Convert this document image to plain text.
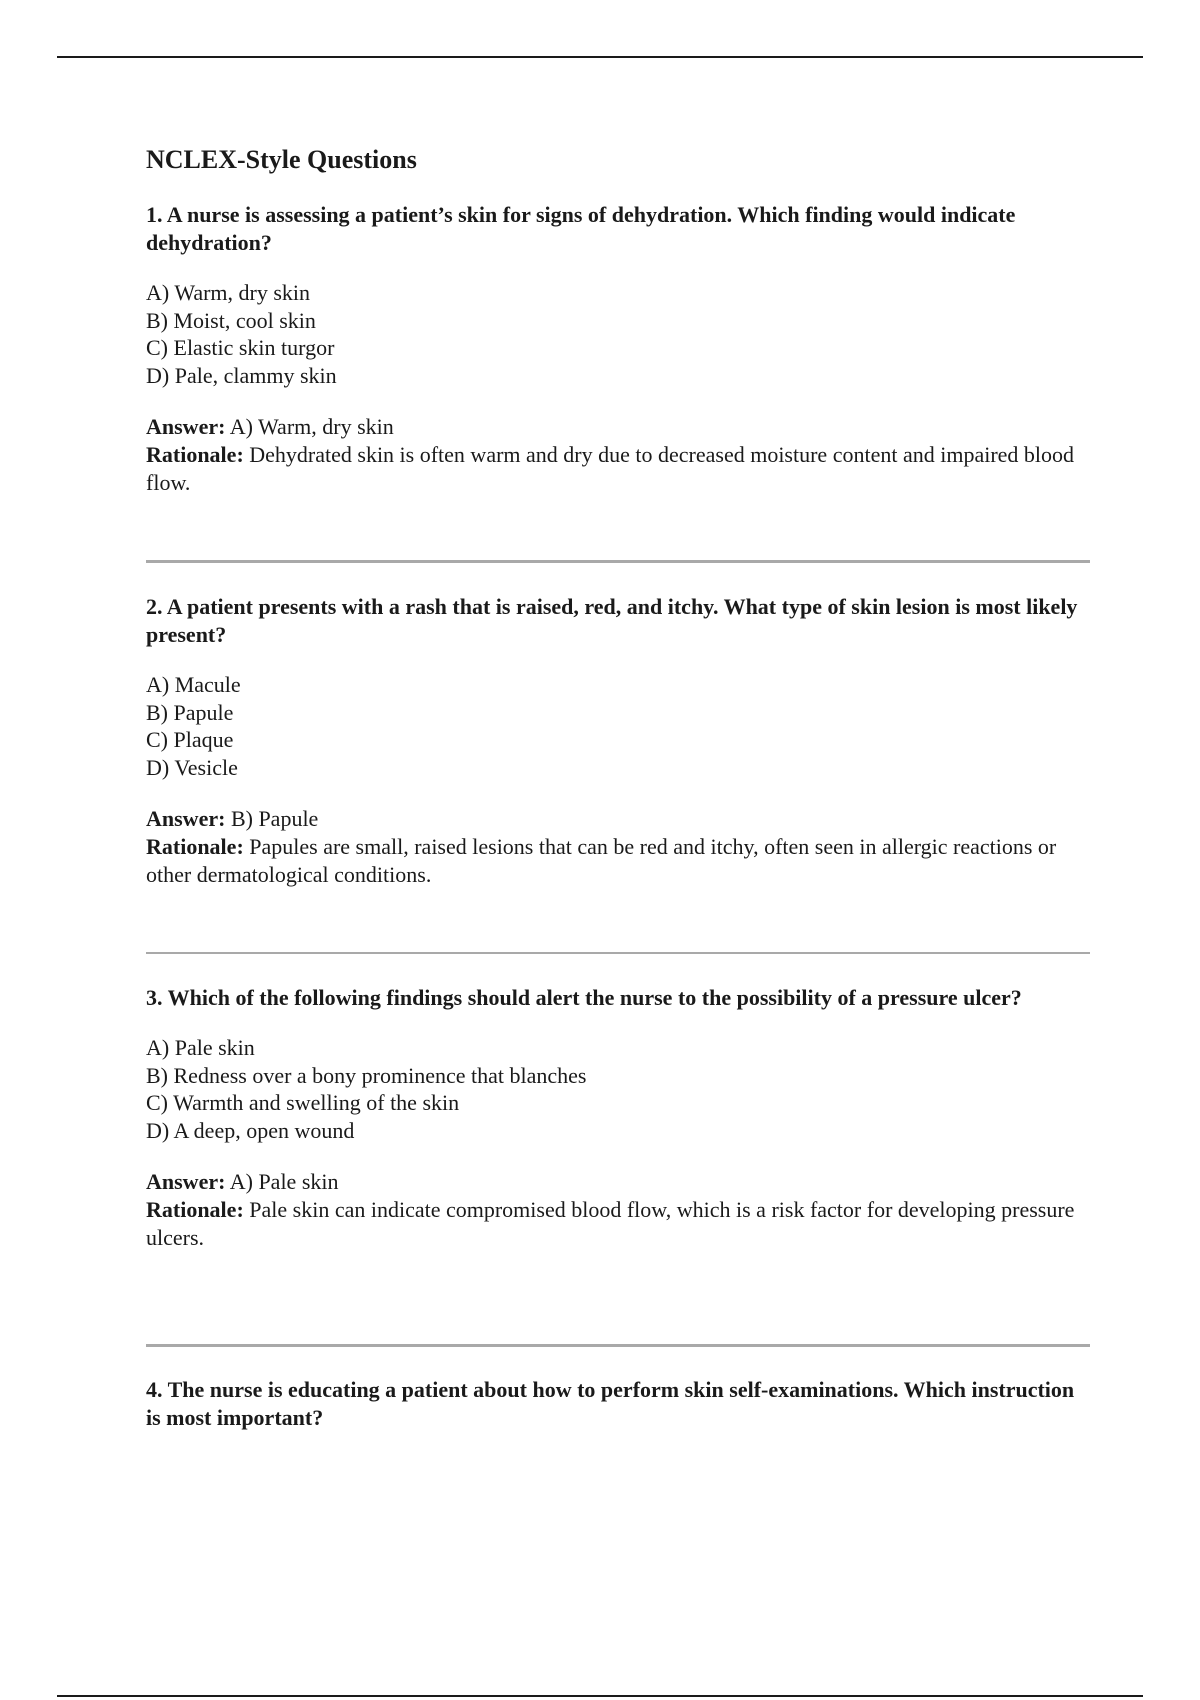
NCLEX-Style Questions

1. A nurse is assessing a patient’s skin for signs of dehydration. Which finding would indicate dehydration?

A) Warm, dry skin
B) Moist, cool skin
C) Elastic skin turgor
D) Pale, clammy skin

Answer: A) Warm, dry skin

Rationale: Dehydrated skin is often warm and dry due to decreased moisture content and impaired blood flow.

2. A patient presents with a rash that is raised, red, and itchy. What type of skin lesion is most likely present?

A) Macule
B) Papule
C) Plaque
D) Vesicle

Answer: B) Papule

Rationale: Papules are small, raised lesions that can be red and itchy, often seen in allergic reactions or other dermatological conditions.

3. Which of the following findings should alert the nurse to the possibility of a pressure ulcer?

A) Pale skin
B) Redness over a bony prominence that blanches
C) Warmth and swelling of the skin
D) A deep, open wound

Answer: A) Pale skin

Rationale: Pale skin can indicate compromised blood flow, which is a risk factor for developing pressure ulcers.

4. The nurse is educating a patient about how to perform skin self-examinations. Which instruction is most important?
